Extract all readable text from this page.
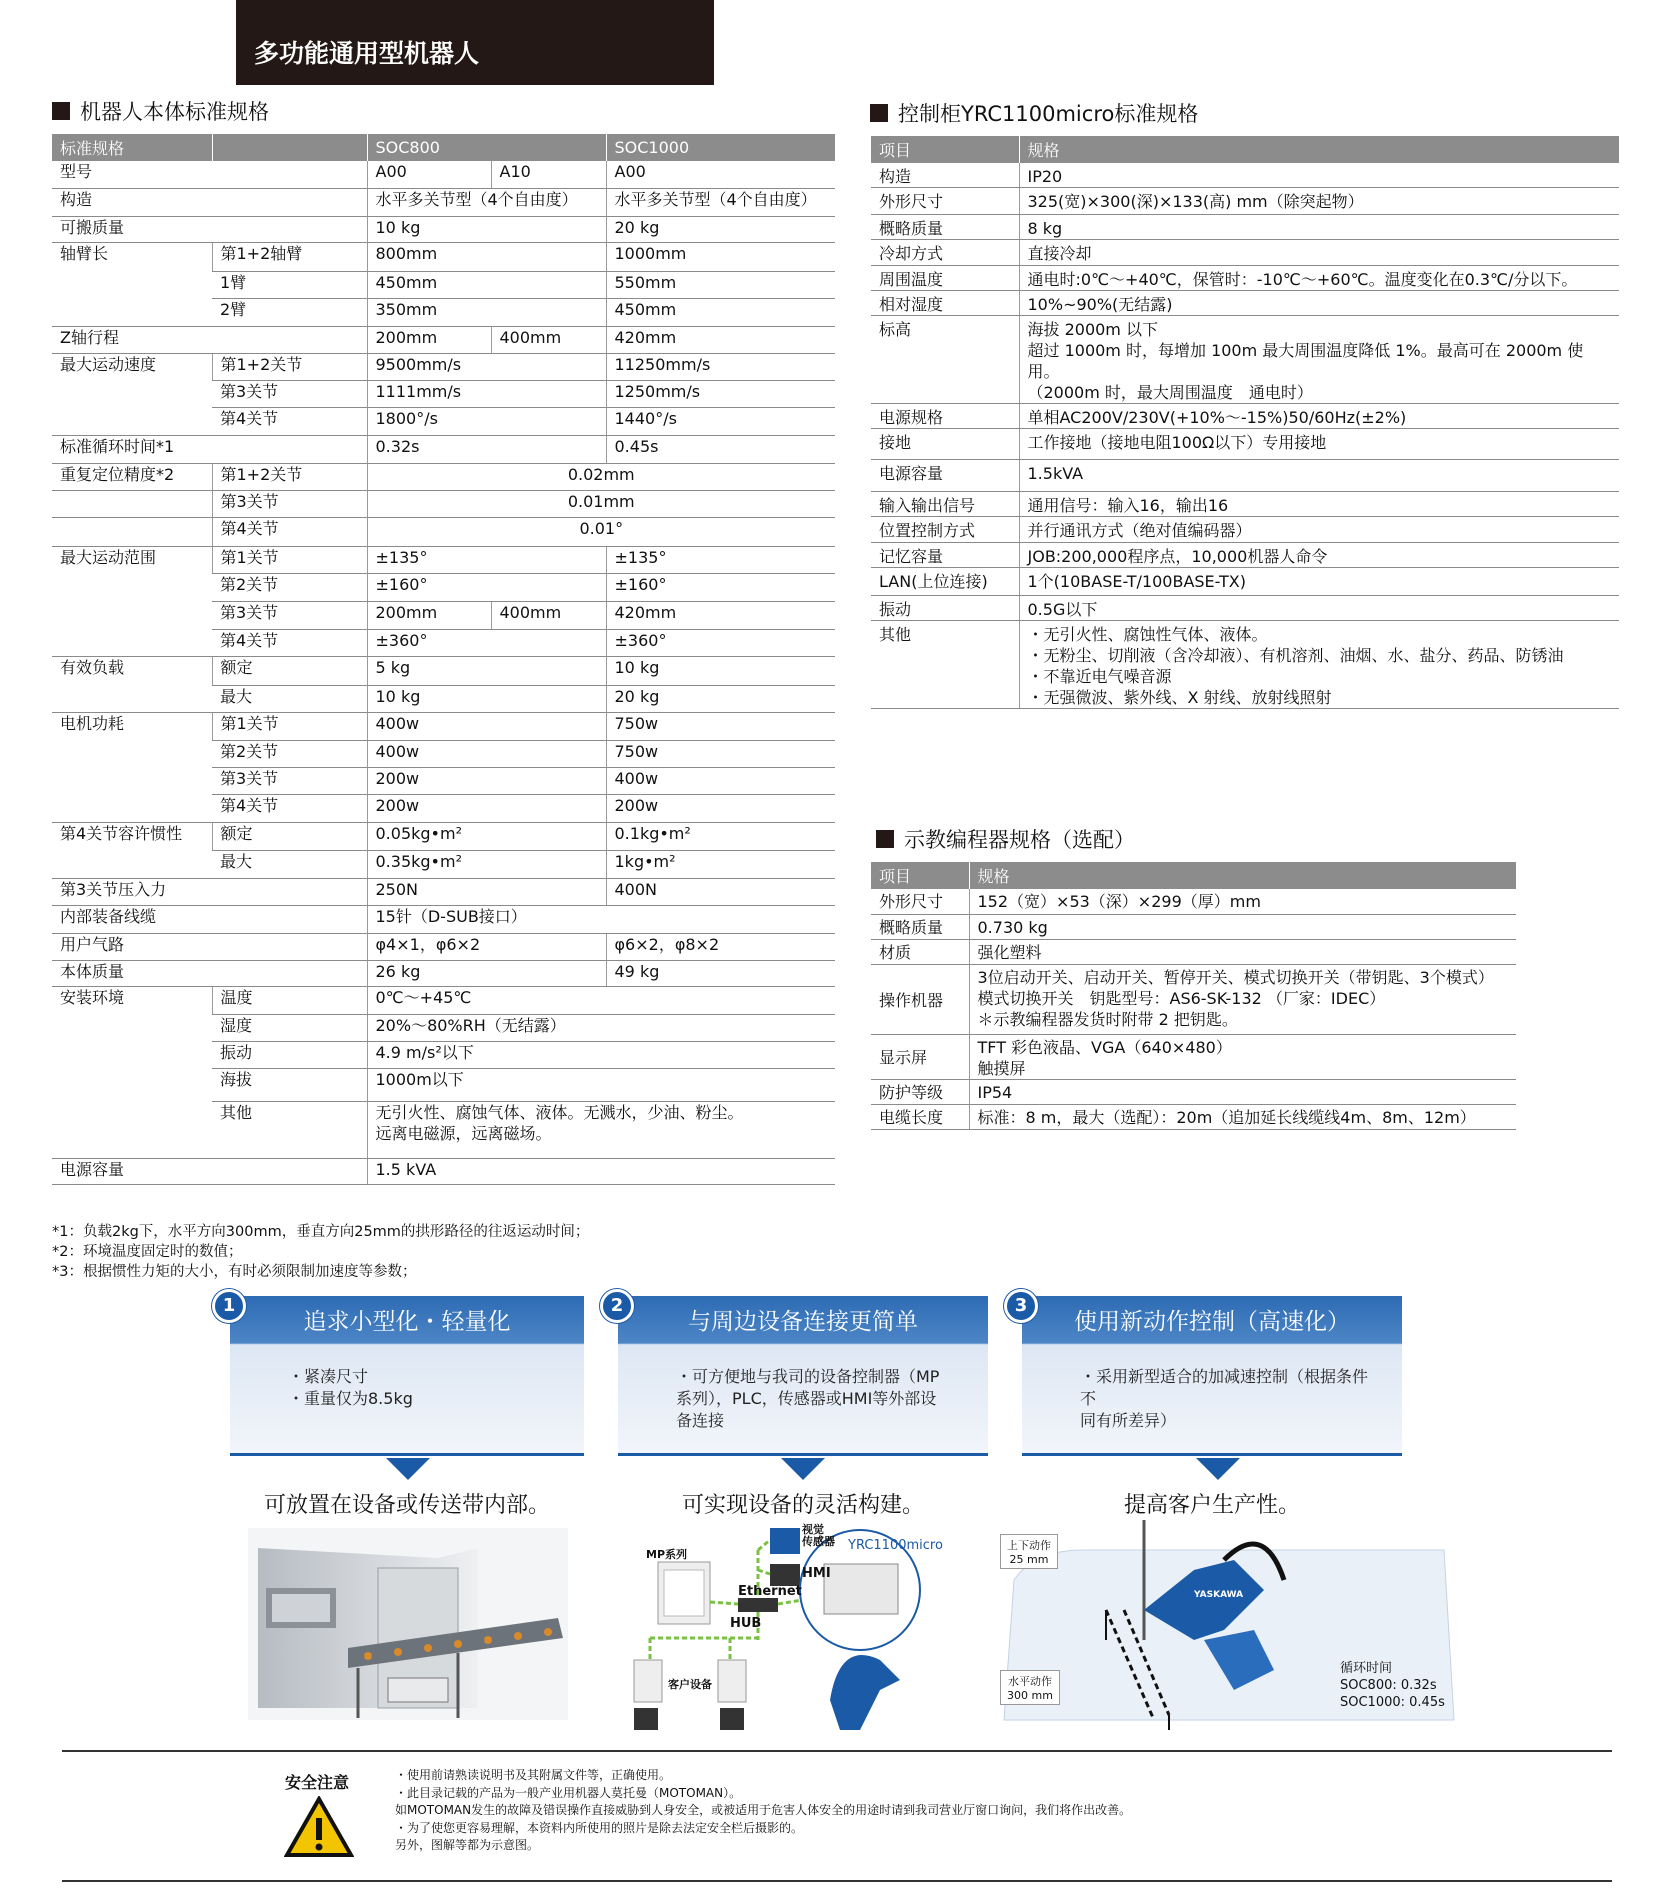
多功能通用型机器人
机器人本体标准规格	控制柜YRC1100micro标准规格
示教编程器规格（选配）
标准规格		SOC800		SOC1000
型号		A00	A10	A00
构造		水平多关节型（4个自由度）		水平多关节型（4个自由度）
可搬质量		10 kg		20 kg
轴臂长	第1+2轴臂	800mm		1000mm
	1臂	450mm		550mm
	2臂	350mm		450mm
Z轴行程		200mm	400mm	420mm
最大运动速度	第1+2关节	9500mm/s		11250mm/s
	第3关节	1111mm/s		1250mm/s
	第4关节	1800°/s		1440°/s
标准循环时间*1		0.32s		0.45s
重复定位精度*2	第1+2关节	0.02mm		
	第3关节	0.01mm		
	第4关节	0.01°		
最大运动范围	第1关节	±135°		±135°
	第2关节	±160°		±160°
	第3关节	200mm	400mm	420mm
	第4关节	±360°		±360°
有效负载	额定	5 kg		10 kg
	最大	10 kg		20 kg
电机功耗	第1关节	400w		750w
	第2关节	400w		750w
	第3关节	200w		400w
	第4关节	200w		200w
第4关节容许惯性	额定	0.05kg•m²		0.1kg•m²
	最大	0.35kg•m²		1kg•m²
第3关节压入力		250N		400N
内部装备线缆		15针（D-SUB接口）		
用户气路		φ4×1，φ6×2		φ6×2，φ8×2
本体质量		26 kg		49 kg
安装环境	温度	0℃～+45℃		
	湿度	20%～80%RH（无结露）		
	振动	4.9 m/s²以下		
	海拔	1000m以下		
	其他	无引火性、腐蚀气体、液体。无溅水，少油、粉尘。
远离电磁源，远离磁场。		
电源容量		1.5 kVA		
*1：负载2kg下，水平方向300mm，垂直方向25mm的拱形路径的往返运动时间；
*2：环境温度固定时的数值；
*3：根据惯性力矩的大小，有时必须限制加速度等参数；
项目	规格
构造	IP20
外形尺寸	325(宽)×300(深)×133(高) mm（除突起物）
概略质量	8 kg
冷却方式	直接冷却
周围温度	通电时:0℃～+40℃，保管时：-10℃～+60℃。温度变化在0.3℃/分以下。
相对湿度	10%~90%(无结露)
标高	海拔 2000m 以下
超过 1000m 时，每增加 100m 最大周围温度降低 1%。最高可在 2000m 使用。
（2000m 时，最大周围温度　通电时）
电源规格	单相AC200V/230V(+10%～-15%)50/60Hz(±2%)
接地	工作接地（接地电阻100Ω以下）专用接地
电源容量	1.5kVA
输入输出信号	通用信号：输入16，输出16
位置控制方式	并行通讯方式（绝对值编码器）
记忆容量	JOB:200,000程序点，10,000机器人命令
LAN(上位连接)	1个(10BASE-T/100BASE-TX)
振动	0.5G以下
其他	・无引火性、腐蚀性气体、液体。
・无粉尘、切削液（含冷却液）、有机溶剂、油烟、水、盐分、药品、防锈油
・不靠近电气噪音源
・无强微波、紫外线、X 射线、放射线照射
项目	规格
外形尺寸	152（宽）×53（深）×299（厚）mm
概略质量	0.730 kg
材质	强化塑料
操作机器	3位启动开关、启动开关、暂停开关、模式切换开关（带钥匙、3个模式）
模式切换开关　钥匙型号：AS6-SK-132 （厂家：IDEC）
＊示教编程器发货时附带 2 把钥匙。
显示屏	TFT 彩色液晶、VGA（640×480）
触摸屏
防护等级	IP54
电缆长度	标准：8 m，最大（选配）：20m（追加延长线缆线4m、8m、12m）
追求小型化・轻量化
・紧凑尺寸
・重量仅为8.5kg
与周边设备连接更简单
・可方便地与我司的设备控制器（MP
系列），PLC，传感器或HMI等外部设
备连接
使用新动作控制（高速化）
・采用新型适合的加减速控制（根据条件不
同有所差异）
1	2	3
可放置在设备或传送带内部。	可实现设备的灵活构建。	提高客户生产性。
MP系列
视觉
传感器
HMI
Ethernet
HUB
YRC1100micro
客户设备
上下动作
25 mm
水平动作
300 mm
循环时间
SOC800: 0.32s
SOC1000: 0.45s
YASKAWA
安全注意	・使用前请熟读说明书及其附属文件等，正确使用。
・此目录记载的产品为一般产业用机器人莫托曼（MOTOMAN）。
如MOTOMAN发生的故障及错误操作直接威胁到人身安全，或被适用于危害人体安全的用途时请到我司营业厅窗口询问，我们将作出改善。
・为了使您更容易理解，本资料内所使用的照片是除去法定安全栏后摄影的。
另外，图解等都为示意图。
